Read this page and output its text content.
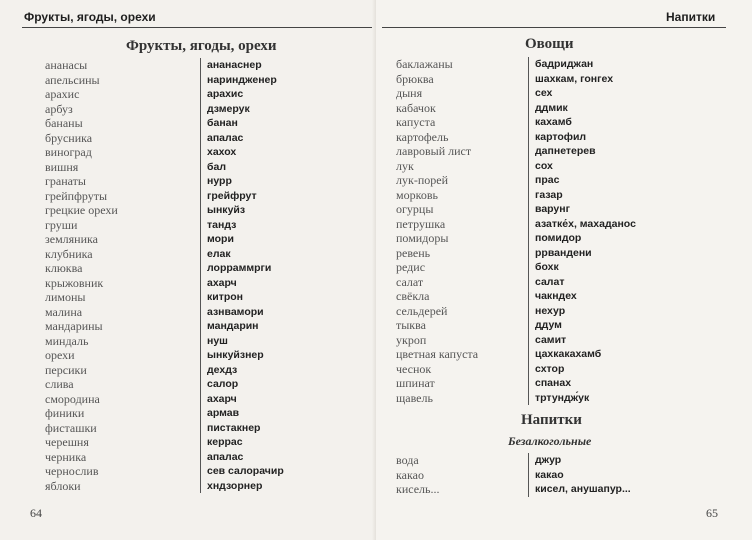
Фрукты, ягоды, орехи
Фрукты, ягоды, орехи
ананасы
апельсины
арахис
арбуз
бананы
брусника
виноград
вишня
гранаты
грейпфруты
грецкие орехи
груши
земляника
клубника
клюква
крыжовник
лимоны
малина
мандарины
миндаль
орехи
персики
слива
смородина
финики
фисташки
черешня
черника
чернослив
яблоки
ананаснер
нариндженер
арахис
дзмерук
банан
апалас
хахох
бал
нурр
грейфрут
ынкуйз
тандз
мори
елак
лорраммрги
ахарч
китрон
азнвамори
мандарин
нуш
ынкуйзнер
дехдз
салор
ахарч
армав
пистакнер
керрас
апалас
сев салорачир
хндзорнер
64
Напитки
Овощи
баклажаны
брюква
дыня
кабачок
капуста
картофель
лавровый лист
лук
лук-порей
морковь
огурцы
петрушка
помидоры
ревень
редис
салат
свёкла
сельдерей
тыква
укроп
цветная капуста
чеснок
шпинат
щавель
бадриджан
шахкам, гонгех
сех
ддмик
кахамб
картофил
дапнетерев
сох
прас
газар
варунг
азатке́х, махаданос
помидор
ррвандени
бохк
салат
чакндех
нехур
ддум
самит
цахкакахамб
схтор
спанах
тртундж́ук
Напитки
Безалкогольные
вода
какао
кисель...
джур
какао
кисел, анушапур...
65
